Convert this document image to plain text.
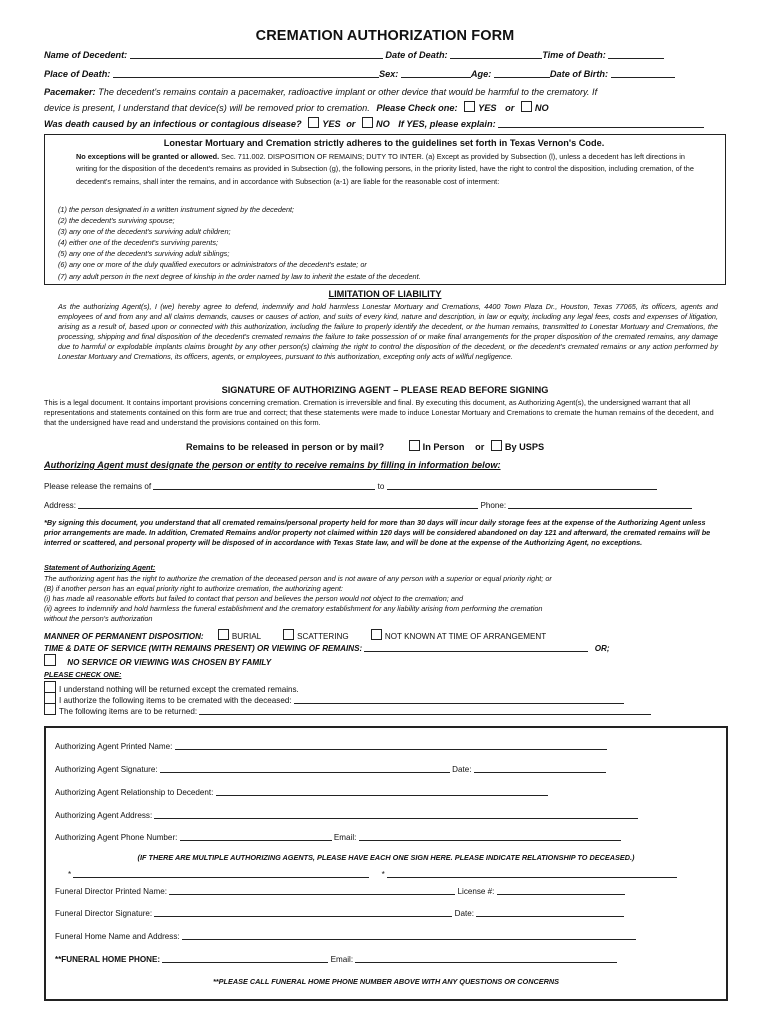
CREMATION AUTHORIZATION FORM
Name of Decedent:	Date of Death:	Time of Death:
Place of Death:	Sex:	Age:	Date of Birth:
Pacemaker: The decedent's remains contain a pacemaker, radioactive implant or other device that would be harmful to the crematory. If
device is present, I understand that device(s) will be removed prior to cremation. Please Check one: YES or NO
Was death caused by an infectious or contagious disease? YES or NO If YES, please explain:
Lonestar Mortuary and Cremation strictly adheres to the guidelines set forth in Texas Vernon's Code.
No exceptions will be granted or allowed. Sec. 711.002. DISPOSITION OF REMAINS; DUTY TO INTER. (a) Except as provided by Subsection (l), unless a decedent has left directions in writing for the disposition of the decedent's remains as provided in Subsection (g), the following persons, in the priority listed, have the right to control the disposition, including cremation, of the decedent's remains, shall inter the remains, and in accordance with Subsection (a-1) are liable for the reasonable cost of interment:
(1) the person designated in a written instrument signed by the decedent;
(2) the decedent's surviving spouse;
(3) any one of the decedent's surviving adult children;
(4) either one of the decedent's surviving parents;
(5) any one of the decedent's surviving adult siblings;
(6) any one or more of the duly qualified executors or administrators of the decedent's estate; or
(7) any adult person in the next degree of kinship in the order named by law to inherit the estate of the decedent.
LIMITATION OF LIABILITY
As the authorizing Agent(s), I (we) hereby agree to defend, indemnify and hold harmless Lonestar Mortuary and Cremations, 4400 Town Plaza Dr., Houston, Texas 77065, its officers, agents and employees of and from any and all claims demands, causes or causes of action, and suits of every kind, nature and description, in law or equity, including any legal fees, costs and expenses of litigation, arising as a result of, based upon or connected with this authorization, including the failure to properly identify the decedent, or the human remains, transmitted to Lonestar Mortuary and Cremations, the processing, shipping and final disposition of the decedent's cremated remains the failure to take possession of or make final arrangements for the proper disposition of the cremated remains, any damage due to harmful or explodable implants claims brought by any other person(s) claiming the right to control the disposition of the decedent, or the decedent's cremated remains or any action performed by Lonestar Mortuary and Cremations, its officers, agents, or employees, pursuant to this authorization, excepting only acts of willful negligence.
SIGNATURE OF AUTHORIZING AGENT – PLEASE READ BEFORE SIGNING
This is a legal document. It contains important provisions concerning cremation. Cremation is irreversible and final. By executing this document, as Authorizing Agent(s), the undersigned warrant that all representations and statements contained on this form are true and correct; that these statements were made to induce Lonestar Mortuary and Cremations to cremate the human remains of the decedent, and that the undersigned have read and understand the provisions contained on this form.
Remains to be released in person or by mail?	In Person or By USPS
Authorizing Agent must designate the person or entity to receive remains by filling in information below:
Please release the remains of	to
Address:	Phone:
*By signing this document, you understand that all cremated remains/personal property held for more than 30 days will incur daily storage fees at the expense of the Authorizing Agent unless prior arrangements are made. In addition, Cremated Remains and/or property not claimed within 120 days will be considered abandoned on day 121 and afterward, the cremated remains will be interred or scattered, and personal property will be disposed of in accordance with Texas State law, and will be done at the expense of the Authorizing Agent, no exceptions.
Statement of Authorizing Agent:
The authorizing agent has the right to authorize the cremation of the deceased person and is not aware of any person with a superior or equal priority right; or
(B) if another person has an equal priority right to authorize cremation, the authorizing agent:
(i) has made all reasonable efforts but failed to contact that person and believes the person would not object to the cremation; and
(ii) agrees to indemnify and hold harmless the funeral establishment and the crematory establishment for any liability arising from performing the cremation
without the person's authorization
MANNER OF PERMANENT DISPOSITION:	BURIAL	SCATTERING	NOT KNOWN AT TIME OF ARRANGEMENT
TIME & DATE OF SERVICE (WITH REMAINS PRESENT) OR VIEWING OF REMAINS:	OR;
NO SERVICE OR VIEWING WAS CHOSEN BY FAMILY
PLEASE CHECK ONE:
I understand nothing will be returned except the cremated remains.
I authorize the following items to be cremated with the deceased:
The following items are to be returned:
Authorizing Agent Printed Name:
Authorizing Agent Signature:	Date:
Authorizing Agent Relationship to Decedent:
Authorizing Agent Address:
Authorizing Agent Phone Number:	Email:
(IF THERE ARE MULTIPLE AUTHORIZING AGENTS, PLEASE HAVE EACH ONE SIGN HERE. PLEASE INDICATE RELATIONSHIP TO DECEASED.)
*	*
Funeral Director Printed Name:	License #:
Funeral Director Signature:	Date:
Funeral Home Name and Address:
**FUNERAL HOME PHONE:	Email:
**PLEASE CALL FUNERAL HOME PHONE NUMBER ABOVE WITH ANY QUESTIONS OR CONCERNS
